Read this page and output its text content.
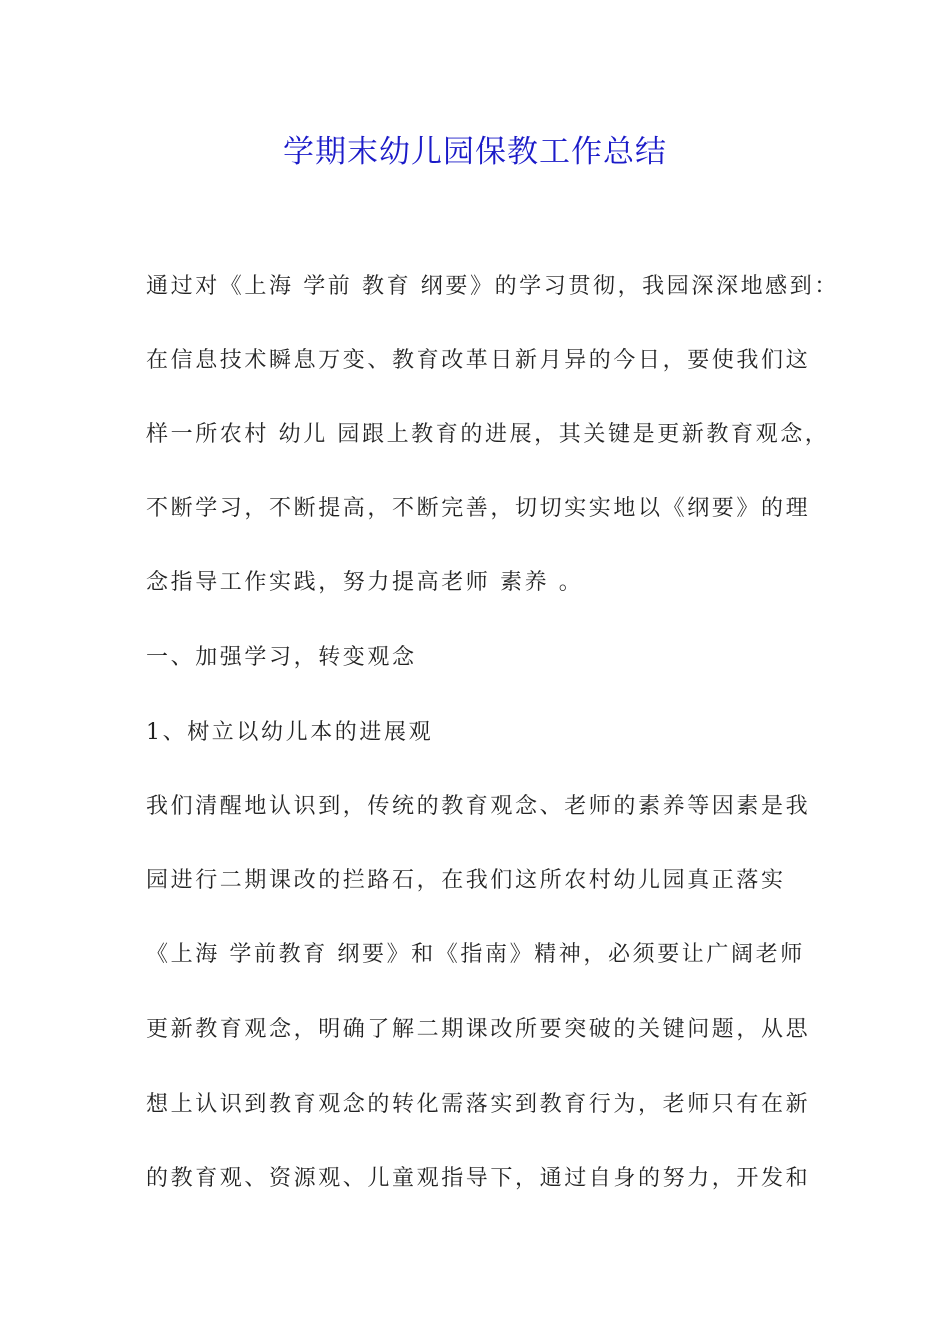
学期末幼儿园保教工作总结
通过对《上海 学前 教育 纲要》的学习贯彻，我园深深地感到：
在信息技术瞬息万变、教育改革日新月异的今日，要使我们这
样一所农村 幼儿 园跟上教育的进展，其关键是更新教育观念，
不断学习，不断提高，不断完善，切切实实地以《纲要》的理
念指导工作实践，努力提高老师 素养 。
一、加强学习，转变观念
1、树立以幼儿本的进展观
我们清醒地认识到，传统的教育观念、老师的素养等因素是我
园进行二期课改的拦路石，在我们这所农村幼儿园真正落实
《上海 学前教育 纲要》和《指南》精神，必须要让广阔老师
更新教育观念，明确了解二期课改所要突破的关键问题，从思
想上认识到教育观念的转化需落实到教育行为，老师只有在新
的教育观、资源观、儿童观指导下，通过自身的努力，开发和
